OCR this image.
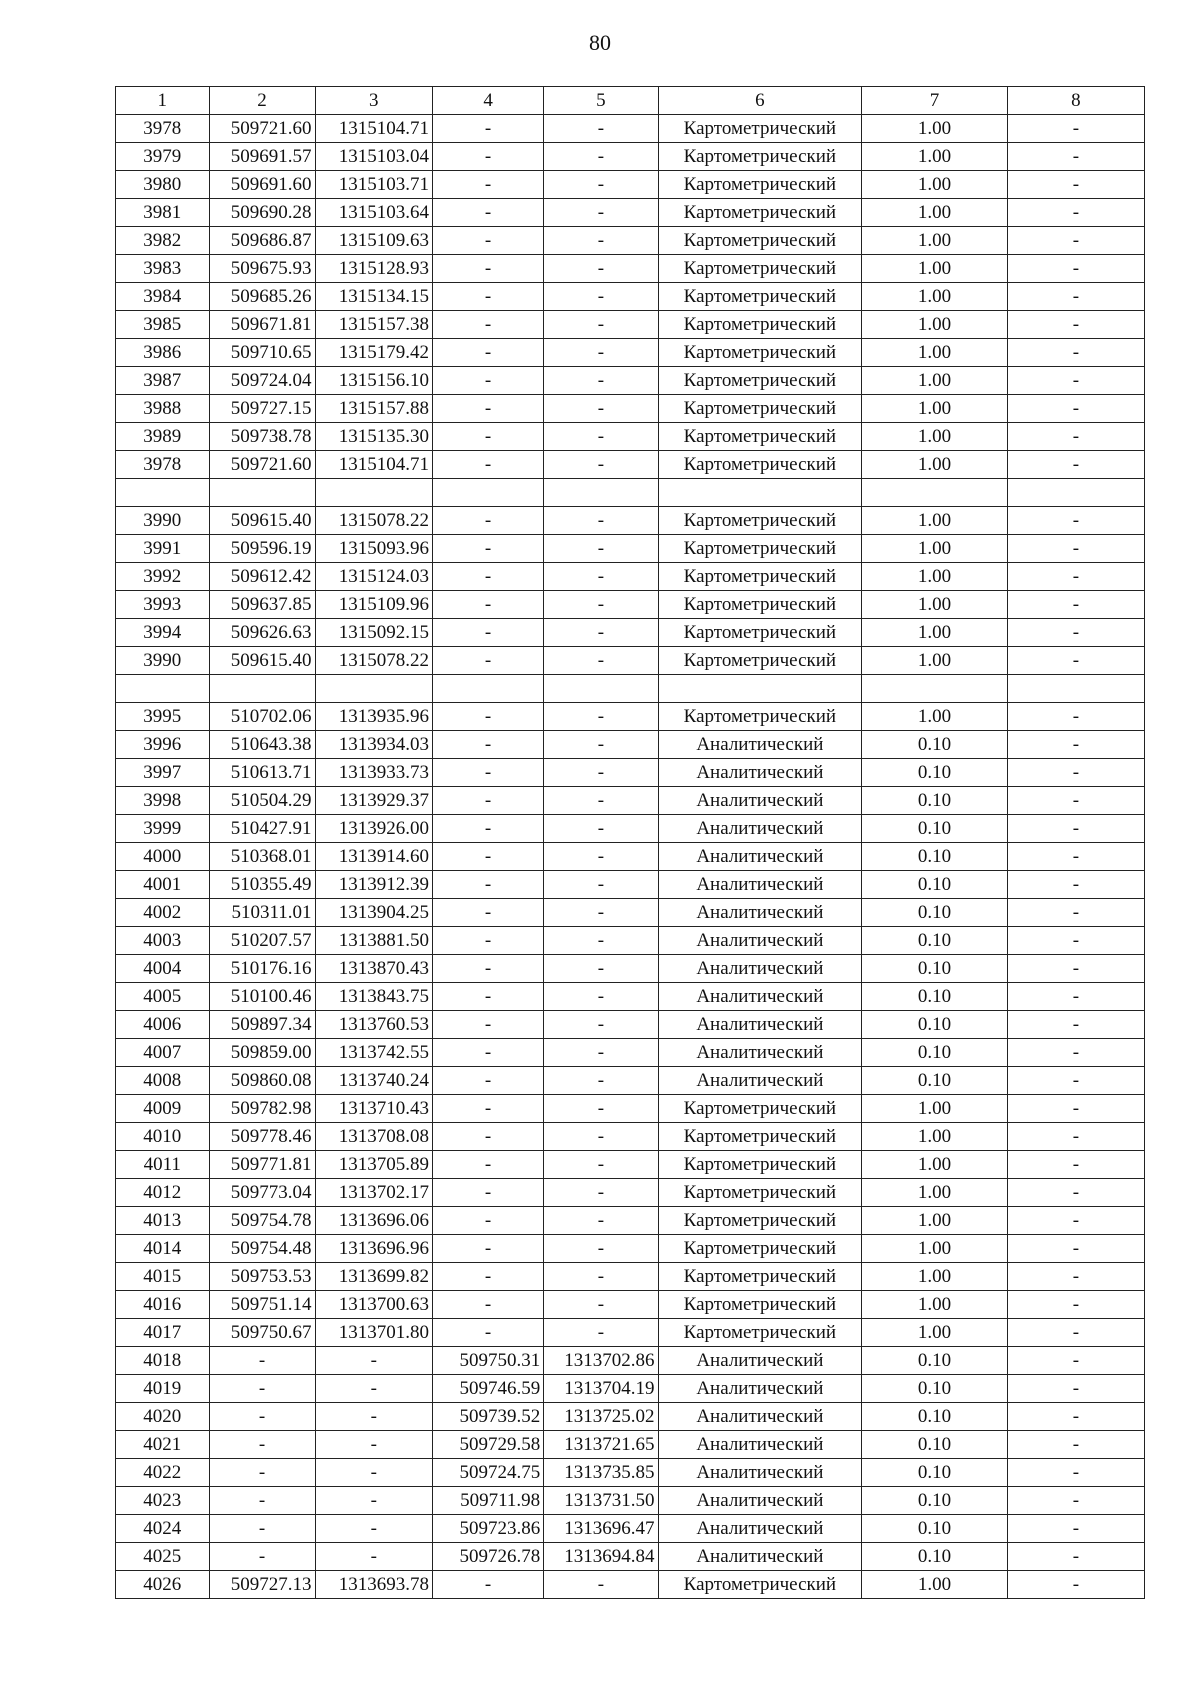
80
1	2	3	4	5	6	7	8
3978	509721.60	1315104.71	-	-	Картометрический	1.00	-
3979	509691.57	1315103.04	-	-	Картометрический	1.00	-
3980	509691.60	1315103.71	-	-	Картометрический	1.00	-
3981	509690.28	1315103.64	-	-	Картометрический	1.00	-
3982	509686.87	1315109.63	-	-	Картометрический	1.00	-
3983	509675.93	1315128.93	-	-	Картометрический	1.00	-
3984	509685.26	1315134.15	-	-	Картометрический	1.00	-
3985	509671.81	1315157.38	-	-	Картометрический	1.00	-
3986	509710.65	1315179.42	-	-	Картометрический	1.00	-
3987	509724.04	1315156.10	-	-	Картометрический	1.00	-
3988	509727.15	1315157.88	-	-	Картометрический	1.00	-
3989	509738.78	1315135.30	-	-	Картометрический	1.00	-
3978	509721.60	1315104.71	-	-	Картометрический	1.00	-

3990	509615.40	1315078.22	-	-	Картометрический	1.00	-
3991	509596.19	1315093.96	-	-	Картометрический	1.00	-
3992	509612.42	1315124.03	-	-	Картометрический	1.00	-
3993	509637.85	1315109.96	-	-	Картометрический	1.00	-
3994	509626.63	1315092.15	-	-	Картометрический	1.00	-
3990	509615.40	1315078.22	-	-	Картометрический	1.00	-

3995	510702.06	1313935.96	-	-	Картометрический	1.00	-
3996	510643.38	1313934.03	-	-	Аналитический	0.10	-
3997	510613.71	1313933.73	-	-	Аналитический	0.10	-
3998	510504.29	1313929.37	-	-	Аналитический	0.10	-
3999	510427.91	1313926.00	-	-	Аналитический	0.10	-
4000	510368.01	1313914.60	-	-	Аналитический	0.10	-
4001	510355.49	1313912.39	-	-	Аналитический	0.10	-
4002	510311.01	1313904.25	-	-	Аналитический	0.10	-
4003	510207.57	1313881.50	-	-	Аналитический	0.10	-
4004	510176.16	1313870.43	-	-	Аналитический	0.10	-
4005	510100.46	1313843.75	-	-	Аналитический	0.10	-
4006	509897.34	1313760.53	-	-	Аналитический	0.10	-
4007	509859.00	1313742.55	-	-	Аналитический	0.10	-
4008	509860.08	1313740.24	-	-	Аналитический	0.10	-
4009	509782.98	1313710.43	-	-	Картометрический	1.00	-
4010	509778.46	1313708.08	-	-	Картометрический	1.00	-
4011	509771.81	1313705.89	-	-	Картометрический	1.00	-
4012	509773.04	1313702.17	-	-	Картометрический	1.00	-
4013	509754.78	1313696.06	-	-	Картометрический	1.00	-
4014	509754.48	1313696.96	-	-	Картометрический	1.00	-
4015	509753.53	1313699.82	-	-	Картометрический	1.00	-
4016	509751.14	1313700.63	-	-	Картометрический	1.00	-
4017	509750.67	1313701.80	-	-	Картометрический	1.00	-
4018	-	-	509750.31	1313702.86	Аналитический	0.10	-
4019	-	-	509746.59	1313704.19	Аналитический	0.10	-
4020	-	-	509739.52	1313725.02	Аналитический	0.10	-
4021	-	-	509729.58	1313721.65	Аналитический	0.10	-
4022	-	-	509724.75	1313735.85	Аналитический	0.10	-
4023	-	-	509711.98	1313731.50	Аналитический	0.10	-
4024	-	-	509723.86	1313696.47	Аналитический	0.10	-
4025	-	-	509726.78	1313694.84	Аналитический	0.10	-
4026	509727.13	1313693.78	-	-	Картометрический	1.00	-
